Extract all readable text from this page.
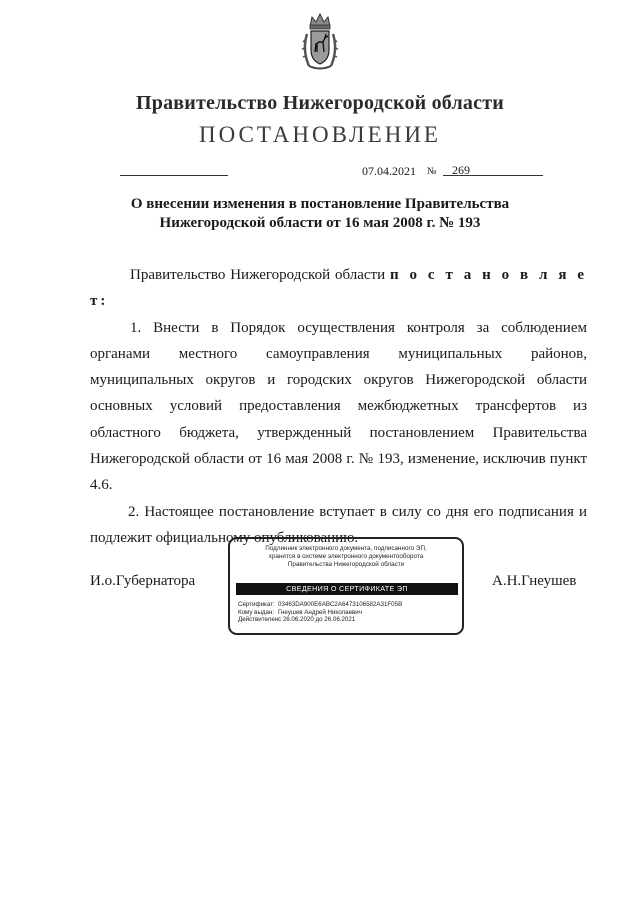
Правительство Нижегородской области
ПОСТАНОВЛЕНИЕ
07.04.2021 № 269
О внесении изменения в постановление Правительства
Нижегородской области от 16 мая 2008 г. № 193

Правительство Нижегородской области п о с т а н о в л я е т:

1. Внести в Порядок осуществления контроля за соблюдением органами местного самоуправления муниципальных районов, муниципальных округов и городских округов Нижегородской области основных условий предоставления межбюджетных трансфертов из областного бюджета, утвержденный постановлением Правительства Нижегородской области от 16 мая 2008 г. № 193, изменение, исключив пункт 4.6.

2. Настоящее постановление вступает в силу со дня его подписания и подлежит официальному опубликованию.

И.о.Губернатора	А.Н.Гнеушев
Подлинник электронного документа, подписанного ЭП,
хранится в системе электронного документооборота
Правительства Нижегородской области
СВЕДЕНИЯ О СЕРТИФИКАТЕ ЭП
Сертификат: 03463DA900E6ABC2A6473106582A31F05B
Кому выдан: Гнеушев Андрей Николаевич
Действителен:с 26.06.2020 до 26.06.2021
